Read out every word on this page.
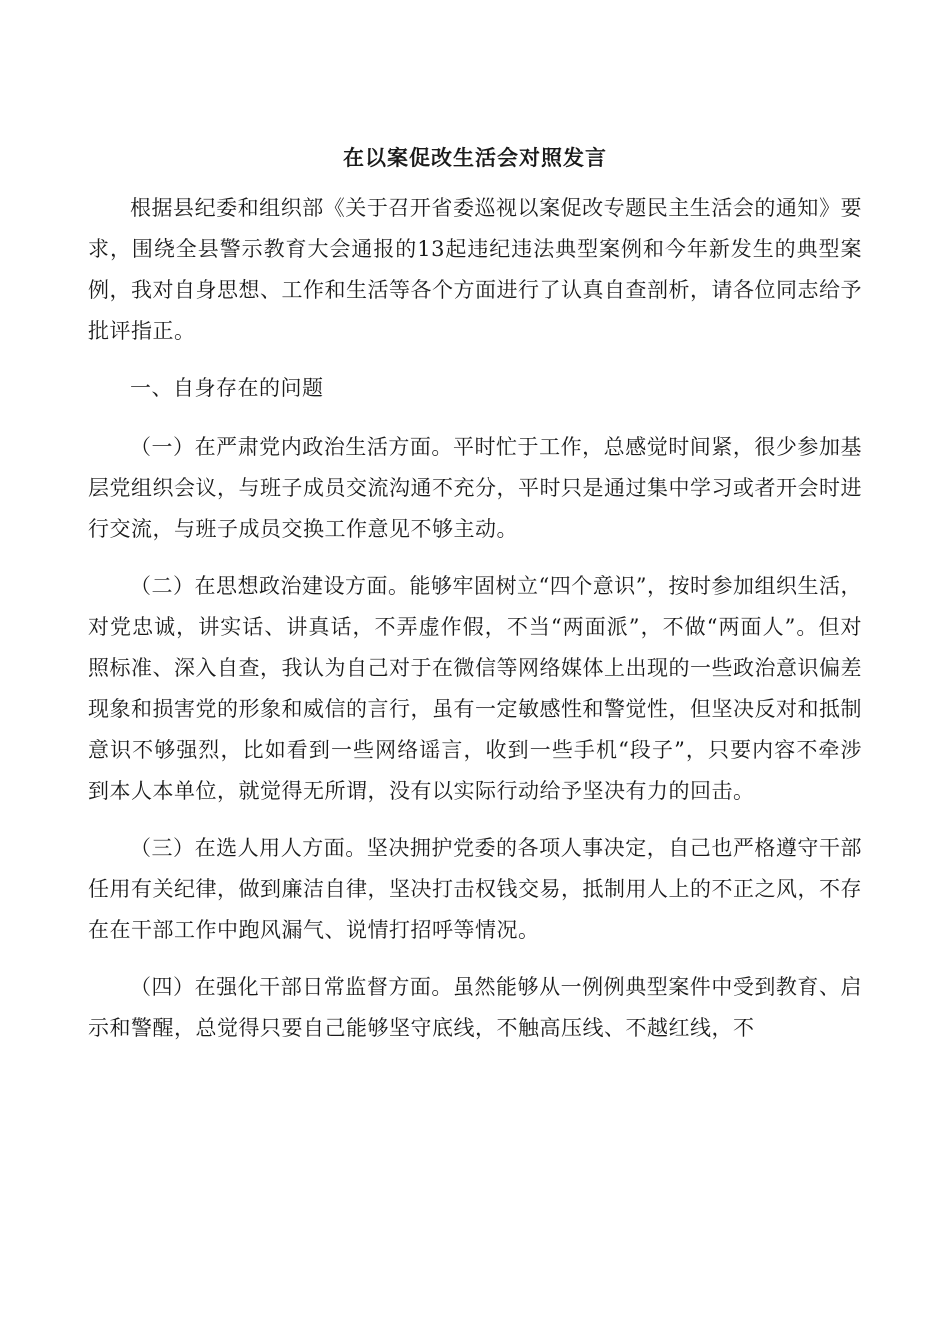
在以案促改生活会对照发言

根据县纪委和组织部《关于召开省委巡视以案促改专题民主生活会的通知》要求，围绕全县警示教育大会通报的13起违纪违法典型案例和今年新发生的典型案例，我对自身思想、工作和生活等各个方面进行了认真自查剖析，请各位同志给予批评指正。

一、自身存在的问题

（一）在严肃党内政治生活方面。平时忙于工作，总感觉时间紧，很少参加基层党组织会议，与班子成员交流沟通不充分，平时只是通过集中学习或者开会时进行交流，与班子成员交换工作意见不够主动。

（二）在思想政治建设方面。能够牢固树立“四个意识”，按时参加组织生活，对党忠诚，讲实话、讲真话，不弄虚作假，不当“两面派”，不做“两面人”。但对照标准、深入自查，我认为自己对于在微信等网络媒体上出现的一些政治意识偏差现象和损害党的形象和威信的言行，虽有一定敏感性和警觉性，但坚决反对和抵制意识不够强烈，比如看到一些网络谣言，收到一些手机“段子”，只要内容不牵涉到本人本单位，就觉得无所谓，没有以实际行动给予坚决有力的回击。

（三）在选人用人方面。坚决拥护党委的各项人事决定，自己也严格遵守干部任用有关纪律，做到廉洁自律，坚决打击权钱交易，抵制用人上的不正之风，不存在在干部工作中跑风漏气、说情打招呼等情况。

（四）在强化干部日常监督方面。虽然能够从一例例典型案件中受到教育、启示和警醒，总觉得只要自己能够坚守底线，不触高压线、不越红线，不
